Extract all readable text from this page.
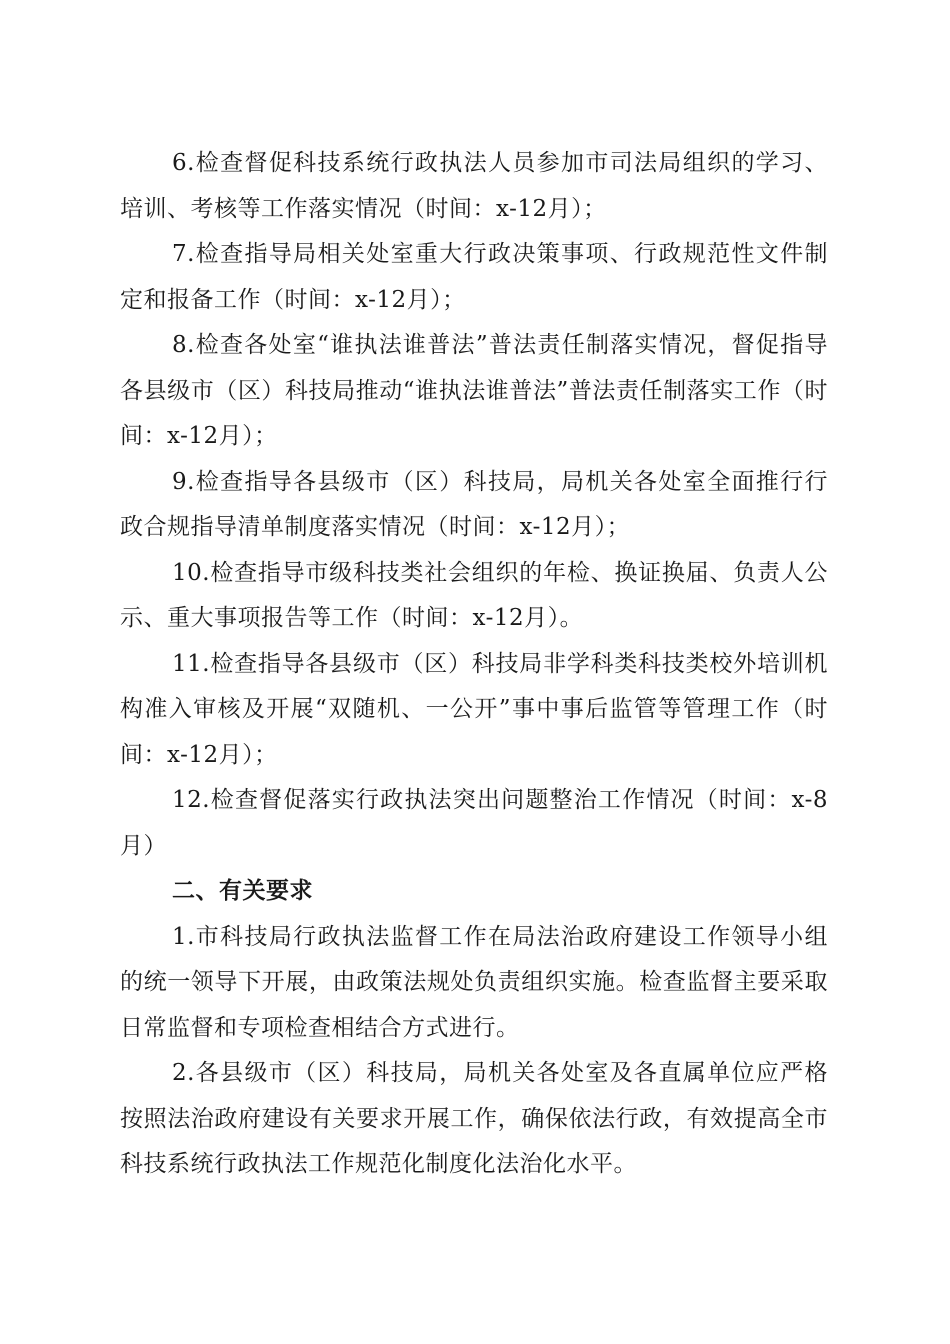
6.检查督促科技系统行政执法人员参加市司法局组织的学习、培训、考核等工作落实情况（时间：x-12月）；

7.检查指导局相关处室重大行政决策事项、行政规范性文件制定和报备工作（时间：x-12月）；

8.检查各处室“谁执法谁普法”普法责任制落实情况，督促指导各县级市（区）科技局推动“谁执法谁普法”普法责任制落实工作（时间：x-12月）；

9.检查指导各县级市（区）科技局，局机关各处室全面推行行政合规指导清单制度落实情况（时间：x-12月）；

10.检查指导市级科技类社会组织的年检、换证换届、负责人公示、重大事项报告等工作（时间：x-12月）。

11.检查指导各县级市（区）科技局非学科类科技类校外培训机构准入审核及开展“双随机、一公开”事中事后监管等管理工作（时间：x-12月）；

12.检查督促落实行政执法突出问题整治工作情况（时间：x-8月）

二、有关要求

1.市科技局行政执法监督工作在局法治政府建设工作领导小组的统一领导下开展，由政策法规处负责组织实施。检查监督主要采取日常监督和专项检查相结合方式进行。

2.各县级市（区）科技局，局机关各处室及各直属单位应严格按照法治政府建设有关要求开展工作，确保依法行政，有效提高全市科技系统行政执法工作规范化制度化法治化水平。
